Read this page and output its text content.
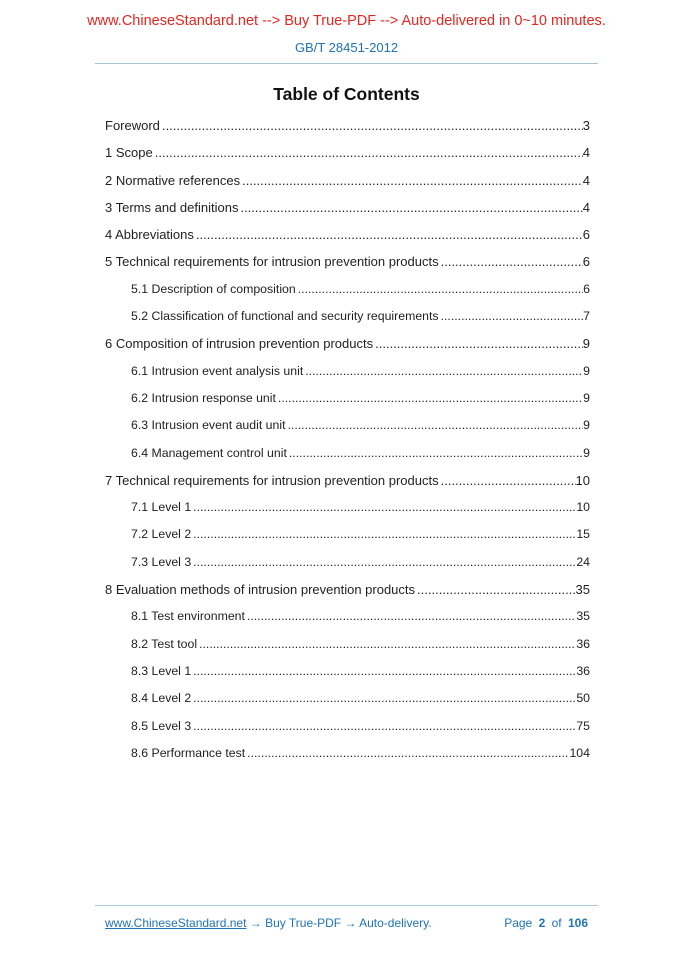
www.ChineseStandard.net --> Buy True-PDF --> Auto-delivered in 0~10 minutes.
GB/T 28451-2012
Table of Contents
Foreword .....	3
1 Scope .....	4
2 Normative references .....	4
3 Terms and definitions .....	4
4 Abbreviations .....	6
5 Technical requirements for intrusion prevention products .....	6
5.1 Description of composition .....	6
5.2 Classification of functional and security requirements .....	7
6 Composition of intrusion prevention products .....	9
6.1 Intrusion event analysis unit .....	9
6.2 Intrusion response unit .....	9
6.3 Intrusion event audit unit .....	9
6.4 Management control unit .....	9
7 Technical requirements for intrusion prevention products .....	10
7.1 Level 1 .....	10
7.2 Level 2 .....	15
7.3 Level 3 .....	24
8 Evaluation methods of intrusion prevention products .....	35
8.1 Test environment .....	35
8.2 Test tool .....	36
8.3 Level 1 .....	36
8.4 Level 2 .....	50
8.5 Level 3 .....	75
8.6 Performance test .....	104
www.ChineseStandard.net → Buy True-PDF → Auto-delivery.	Page 2 of 106
